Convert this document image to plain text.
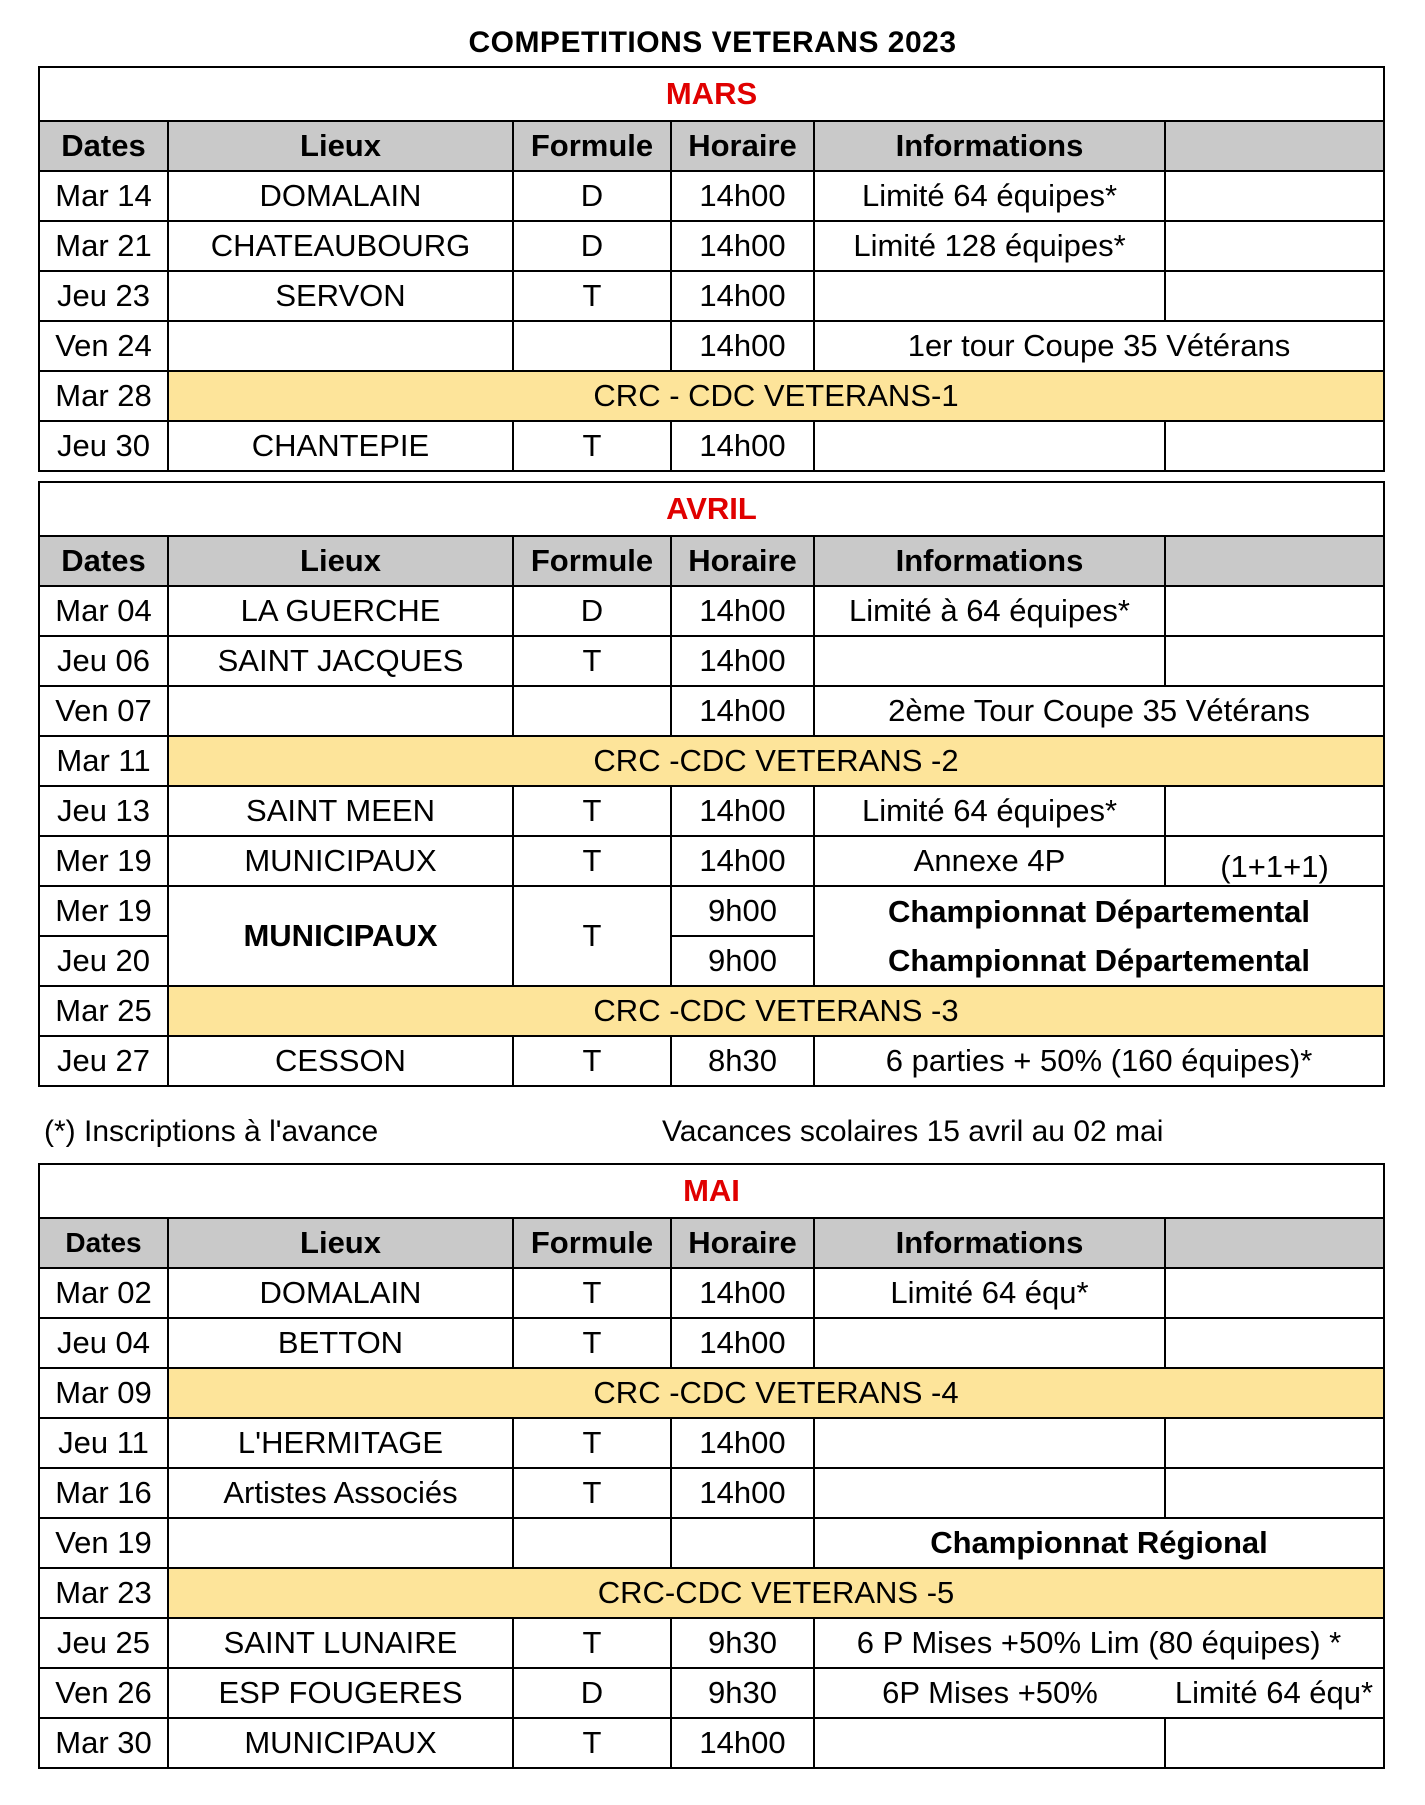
COMPETITIONS VETERANS 2023
MARS
Dates	Lieux	Formule	Horaire	Informations	
Mar 14	DOMALAIN	D	14h00	Limité 64 équipes*	
Mar 21	CHATEAUBOURG	D	14h00	Limité 128 équipes*	
Jeu 23	SERVON	T	14h00		
Ven 24			14h00	1er tour Coupe 35 Vétérans	
Mar 28	CRC - CDC VETERANS-1				
Jeu 30	CHANTEPIE	T	14h00		
AVRIL
Dates	Lieux	Formule	Horaire	Informations	
Mar 04	LA GUERCHE	D	14h00	Limité à 64 équipes*	
Jeu 06	SAINT JACQUES	T	14h00		
Ven 07			14h00	2ème Tour Coupe 35 Vétérans	
Mar 11	CRC -CDC VETERANS -2				
Jeu 13	SAINT MEEN	T	14h00	Limité 64 équipes*	
Mer 19	MUNICIPAUX	T	14h00	Annexe 4P	(1+1+1)
Mer 19	MUNICIPAUX	T	9h00	Championnat Départemental	
Jeu 20			9h00	Championnat Départemental	
Mar 25	CRC -CDC VETERANS -3				
Jeu 27	CESSON	T	8h30	6 parties + 50% (160 équipes)*	
(*) Inscriptions à l'avance	Vacances scolaires 15 avril au 02 mai
MAI
Dates	Lieux	Formule	Horaire	Informations	
Mar 02	DOMALAIN	T	14h00	Limité 64 équ*	
Jeu 04	BETTON	T	14h00		
Mar 09	CRC -CDC VETERANS -4				
Jeu 11	L'HERMITAGE	T	14h00		
Mar 16	Artistes Associés	T	14h00		
Ven 19				Championnat Régional	
Mar 23	CRC-CDC VETERANS -5				
Jeu 25	SAINT LUNAIRE	T	9h30	6 P Mises +50% Lim (80 équipes) *	
Ven 26	ESP FOUGERES	D	9h30	6P Mises +50%	Limité 64 équ*
Mar 30	MUNICIPAUX	T	14h00		
